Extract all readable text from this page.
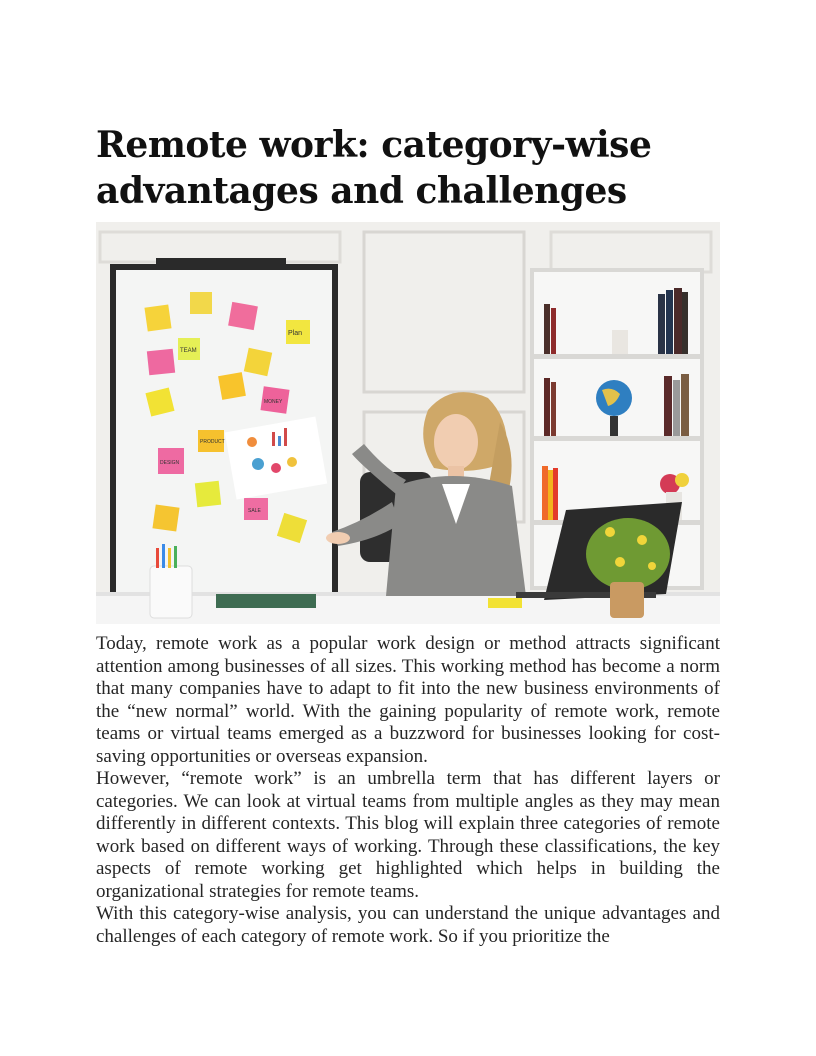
Remote work: category-wise advantages and challenges
TEAM
Plan
MONEY
PRODUCT
DESIGN
SALE

Today, remote work as a popular work design or method attracts significant attention among businesses of all sizes. This working method has become a norm that many companies have to adapt to fit into the new business environments of the “new normal” world. With the gaining popularity of remote work, remote teams or virtual teams emerged as a buzzword for businesses looking for cost-saving opportunities or overseas expansion.

However, “remote work” is an umbrella term that has different layers or categories. We can look at virtual teams from multiple angles as they may mean differently in different contexts. This blog will explain three categories of remote work based on different ways of working. Through these classifications, the key aspects of remote working get highlighted which helps in building the organizational strategies for remote teams.

With this category-wise analysis, you can understand the unique advantages and challenges of each category of remote work. So if you prioritize the
